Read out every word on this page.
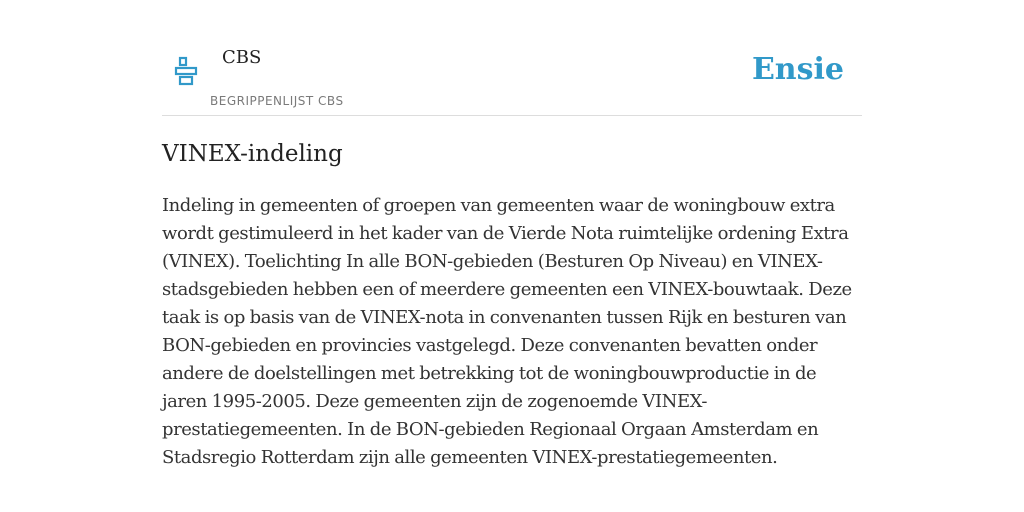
CBS

BEGRIPPENLIJST CBS

Ensie

VINEX-indeling

Indeling in gemeenten of groepen van gemeenten waar de woningbouw extra wordt gestimuleerd in het kader van de Vierde Nota ruimtelijke ordening Extra (VINEX). Toelichting In alle BON-gebieden (Besturen Op Niveau) en VINEX-stadsgebieden hebben een of meerdere gemeenten een VINEX-bouwtaak. Deze taak is op basis van de VINEX-nota in convenanten tussen Rijk en besturen van BON-gebieden en provincies vastgelegd. Deze convenanten bevatten onder andere de doelstellingen met betrekking tot de woningbouwproductie in de jaren 1995-2005. Deze gemeenten zijn de zogenoemde VINEX- prestatiegemeenten. In de BON-gebieden Regionaal Orgaan Amsterdam en Stadsregio Rotterdam zijn alle gemeenten VINEX-prestatiegemeenten.
